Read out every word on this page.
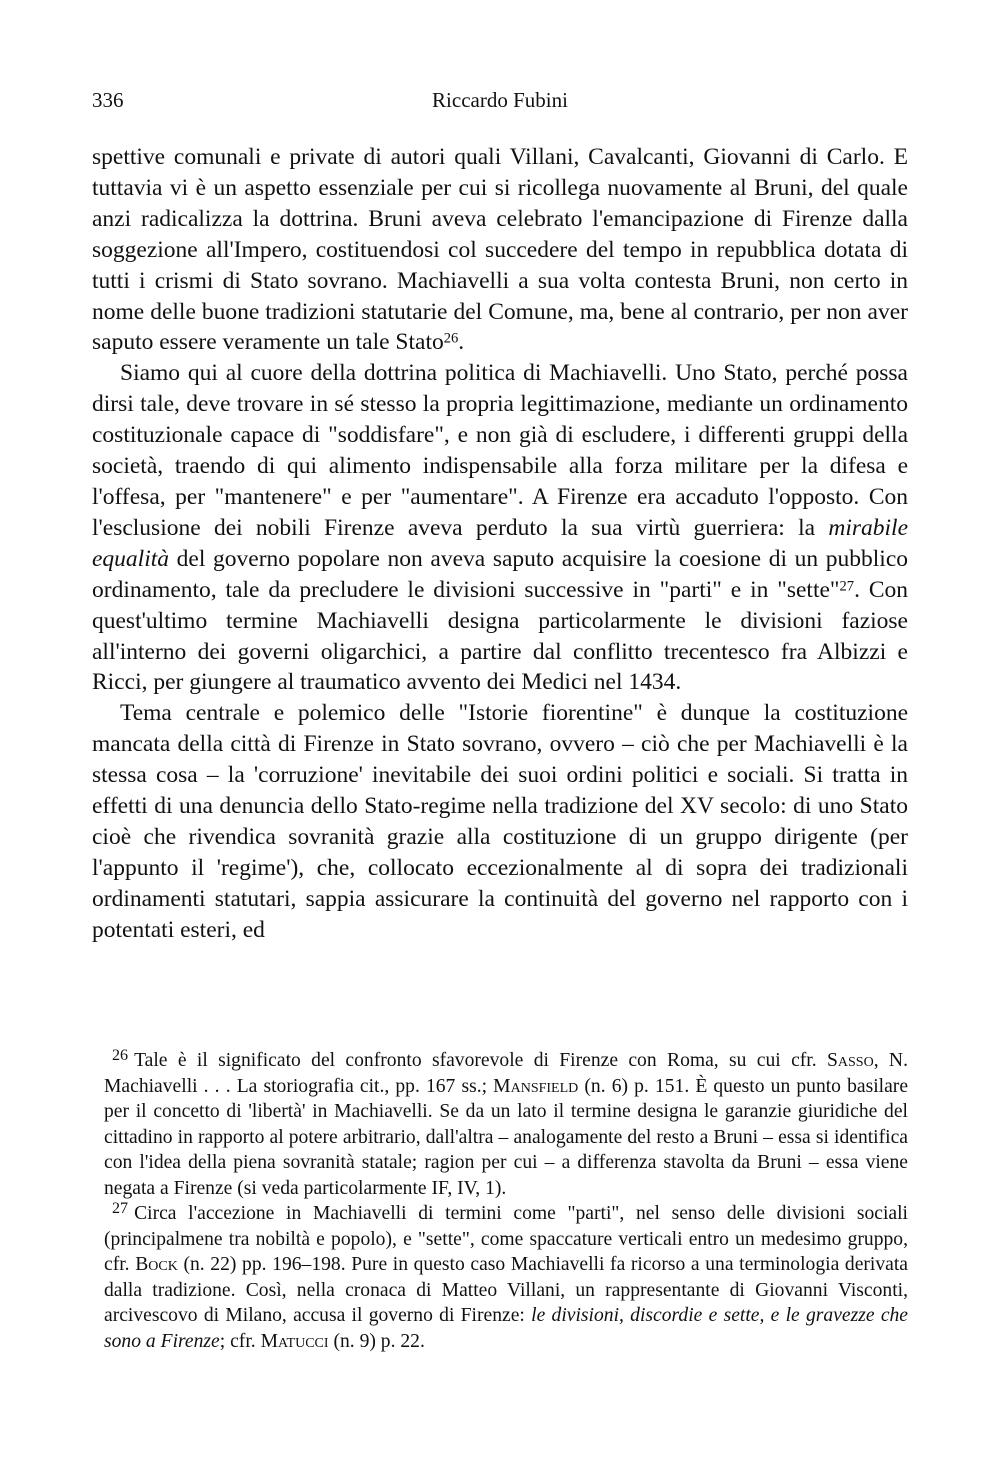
336	Riccardo Fubini

spettive comunali e private di autori quali Villani, Cavalcanti, Giovanni di Carlo. E tuttavia vi è un aspetto essenziale per cui si ricollega nuovamente al Bruni, del quale anzi radicalizza la dottrina. Bruni aveva celebrato l'emancipazione di Firenze dalla soggezione all'Impero, costituendosi col succedere del tempo in repubblica dotata di tutti i crismi di Stato sovrano. Machiavelli a sua volta contesta Bruni, non certo in nome delle buone tradizioni statutarie del Comune, ma, bene al contrario, per non aver saputo essere veramente un tale Stato$^{26}$.

Siamo qui al cuore della dottrina politica di Machiavelli. Uno Stato, perché possa dirsi tale, deve trovare in sé stesso la propria legittimazione, mediante un ordinamento costituzionale capace di "soddisfare", e non già di escludere, i differenti gruppi della società, traendo di qui alimento indispensabile alla forza militare per la difesa e l'offesa, per "mantenere" e per "aumentare". A Firenze era accaduto l'opposto. Con l'esclusione dei nobili Firenze aveva perduto la sua virtù guerriera: la mirabile equalità del governo popolare non aveva saputo acquisire la coesione di un pubblico ordinamento, tale da precludere le divisioni successive in "parti" e in "sette"$^{27}$. Con quest'ultimo termine Machiavelli designa particolarmente le divisioni faziose all'interno dei governi oligarchici, a partire dal conflitto trecentesco fra Albizzi e Ricci, per giungere al traumatico avvento dei Medici nel 1434.

Tema centrale e polemico delle "Istorie fiorentine" è dunque la costituzione mancata della città di Firenze in Stato sovrano, ovvero – ciò che per Machiavelli è la stessa cosa – la 'corruzione' inevitabile dei suoi ordini politici e sociali. Si tratta in effetti di una denuncia dello Stato-regime nella tradizione del XV secolo: di uno Stato cioè che rivendica sovranità grazie alla costituzione di un gruppo dirigente (per l'appunto il 'regime'), che, collocato eccezionalmente al di sopra dei tradizionali ordinamenti statutari, sappia assicurare la continuità del governo nel rapporto con i potentati esteri, ed

$^{26}$ Tale è il significato del confronto sfavorevole di Firenze con Roma, su cui cfr. Sasso, N. Machiavelli . . . La storiografia cit., pp. 167 ss.; Mansfield (n. 6) p. 151. È questo un punto basilare per il concetto di 'libertà' in Machiavelli. Se da un lato il termine designa le garanzie giuridiche del cittadino in rapporto al potere arbitrario, dall'altra – analogamente del resto a Bruni – essa si identifica con l'idea della piena sovranità statale; ragion per cui – a differenza stavolta da Bruni – essa viene negata a Firenze (si veda particolarmente IF, IV, 1).

$^{27}$ Circa l'accezione in Machiavelli di termini come "parti", nel senso delle divisioni sociali (principalmene tra nobiltà e popolo), e "sette", come spaccature verticali entro un medesimo gruppo, cfr. Bock (n. 22) pp. 196–198. Pure in questo caso Machiavelli fa ricorso a una terminologia derivata dalla tradizione. Così, nella cronaca di Matteo Villani, un rappresentante di Giovanni Visconti, arcivescovo di Milano, accusa il governo di Firenze: le divisioni, discordie e sette, e le gravezze che sono a Firenze; cfr. Matucci (n. 9) p. 22.
